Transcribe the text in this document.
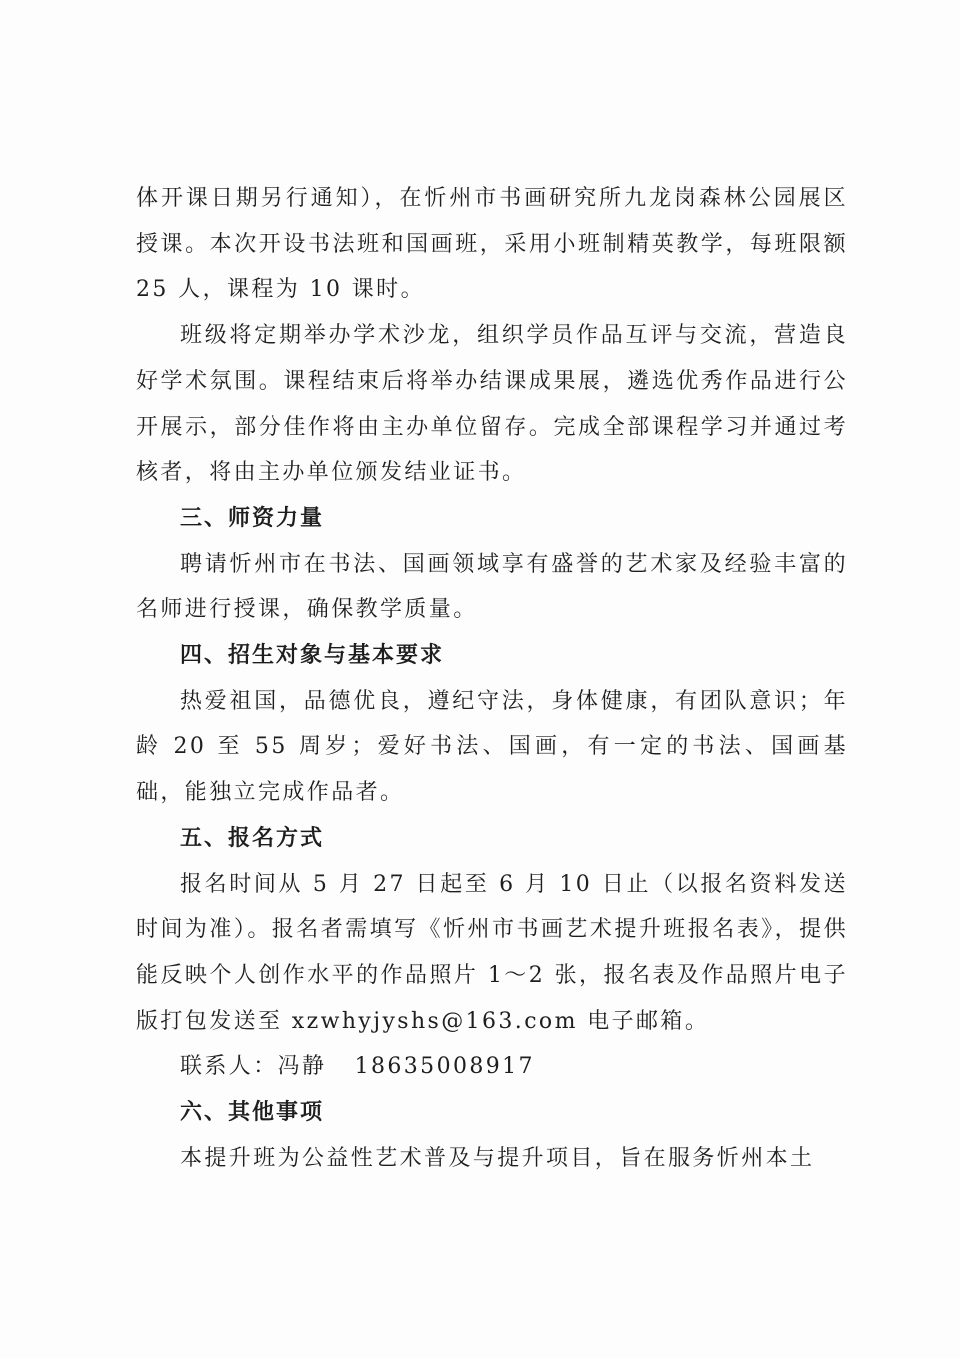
体开课日期另行通知），在忻州市书画研究所九龙岗森林公园展区授课。本次开设书法班和国画班，采用小班制精英教学，每班限额 25 人，课程为 10 课时。

班级将定期举办学术沙龙，组织学员作品互评与交流，营造良好学术氛围。课程结束后将举办结课成果展，遴选优秀作品进行公开展示，部分佳作将由主办单位留存。完成全部课程学习并通过考核者，将由主办单位颁发结业证书。

三、师资力量

聘请忻州市在书法、国画领域享有盛誉的艺术家及经验丰富的名师进行授课，确保教学质量。

四、招生对象与基本要求

热爱祖国，品德优良，遵纪守法，身体健康，有团队意识；年龄 20 至 55 周岁；爱好书法、国画，有一定的书法、国画基础，能独立完成作品者。

五、报名方式

报名时间从 5 月 27 日起至 6 月 10 日止（以报名资料发送时间为准）。报名者需填写《忻州市书画艺术提升班报名表》，提供能反映个人创作水平的作品照片 1～2 张，报名表及作品照片电子版打包发送至 xzwhyjyshs@163.com 电子邮箱。

联系人：冯静   18635008917

六、其他事项

本提升班为公益性艺术普及与提升项目，旨在服务忻州本土
